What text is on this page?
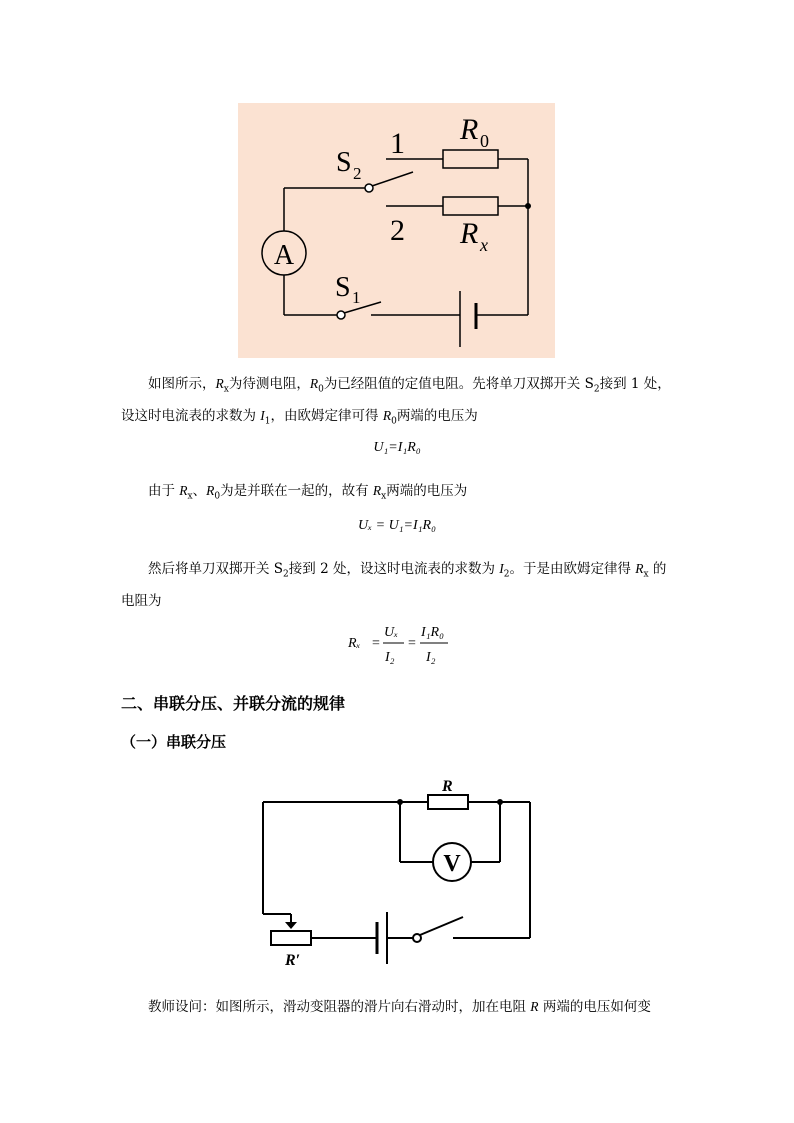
A
S 2
S 1
1
2
R 0
R x
如图所示，$R_x$为待测电阻，$R_0$为已经阻值的定值电阻。先将单刀双掷开关 $S_2$接到 1 处，
设这时电流表的求数为 $I_1$，由欧姆定律可得 $R_0$两端的电压为
U₁=I₁R₀
由于 $R_x$、$R_0$为是并联在一起的，故有 $R_x$两端的电压为
Uₓ = U₁=I₁R₀
然后将单刀双掷开关 $S_2$接到 2 处，设这时电流表的求数为 $I_2$。于是由欧姆定律得 $R_x$ 的
电阻为
Rₓ =
Uₓ
I₂
=
I₁R₀
I₂
二、串联分压、并联分流的规律
（一）串联分压
V
R
R′
教师设问：如图所示，滑动变阻器的滑片向右滑动时，加在电阻 R 两端的电压如何变
